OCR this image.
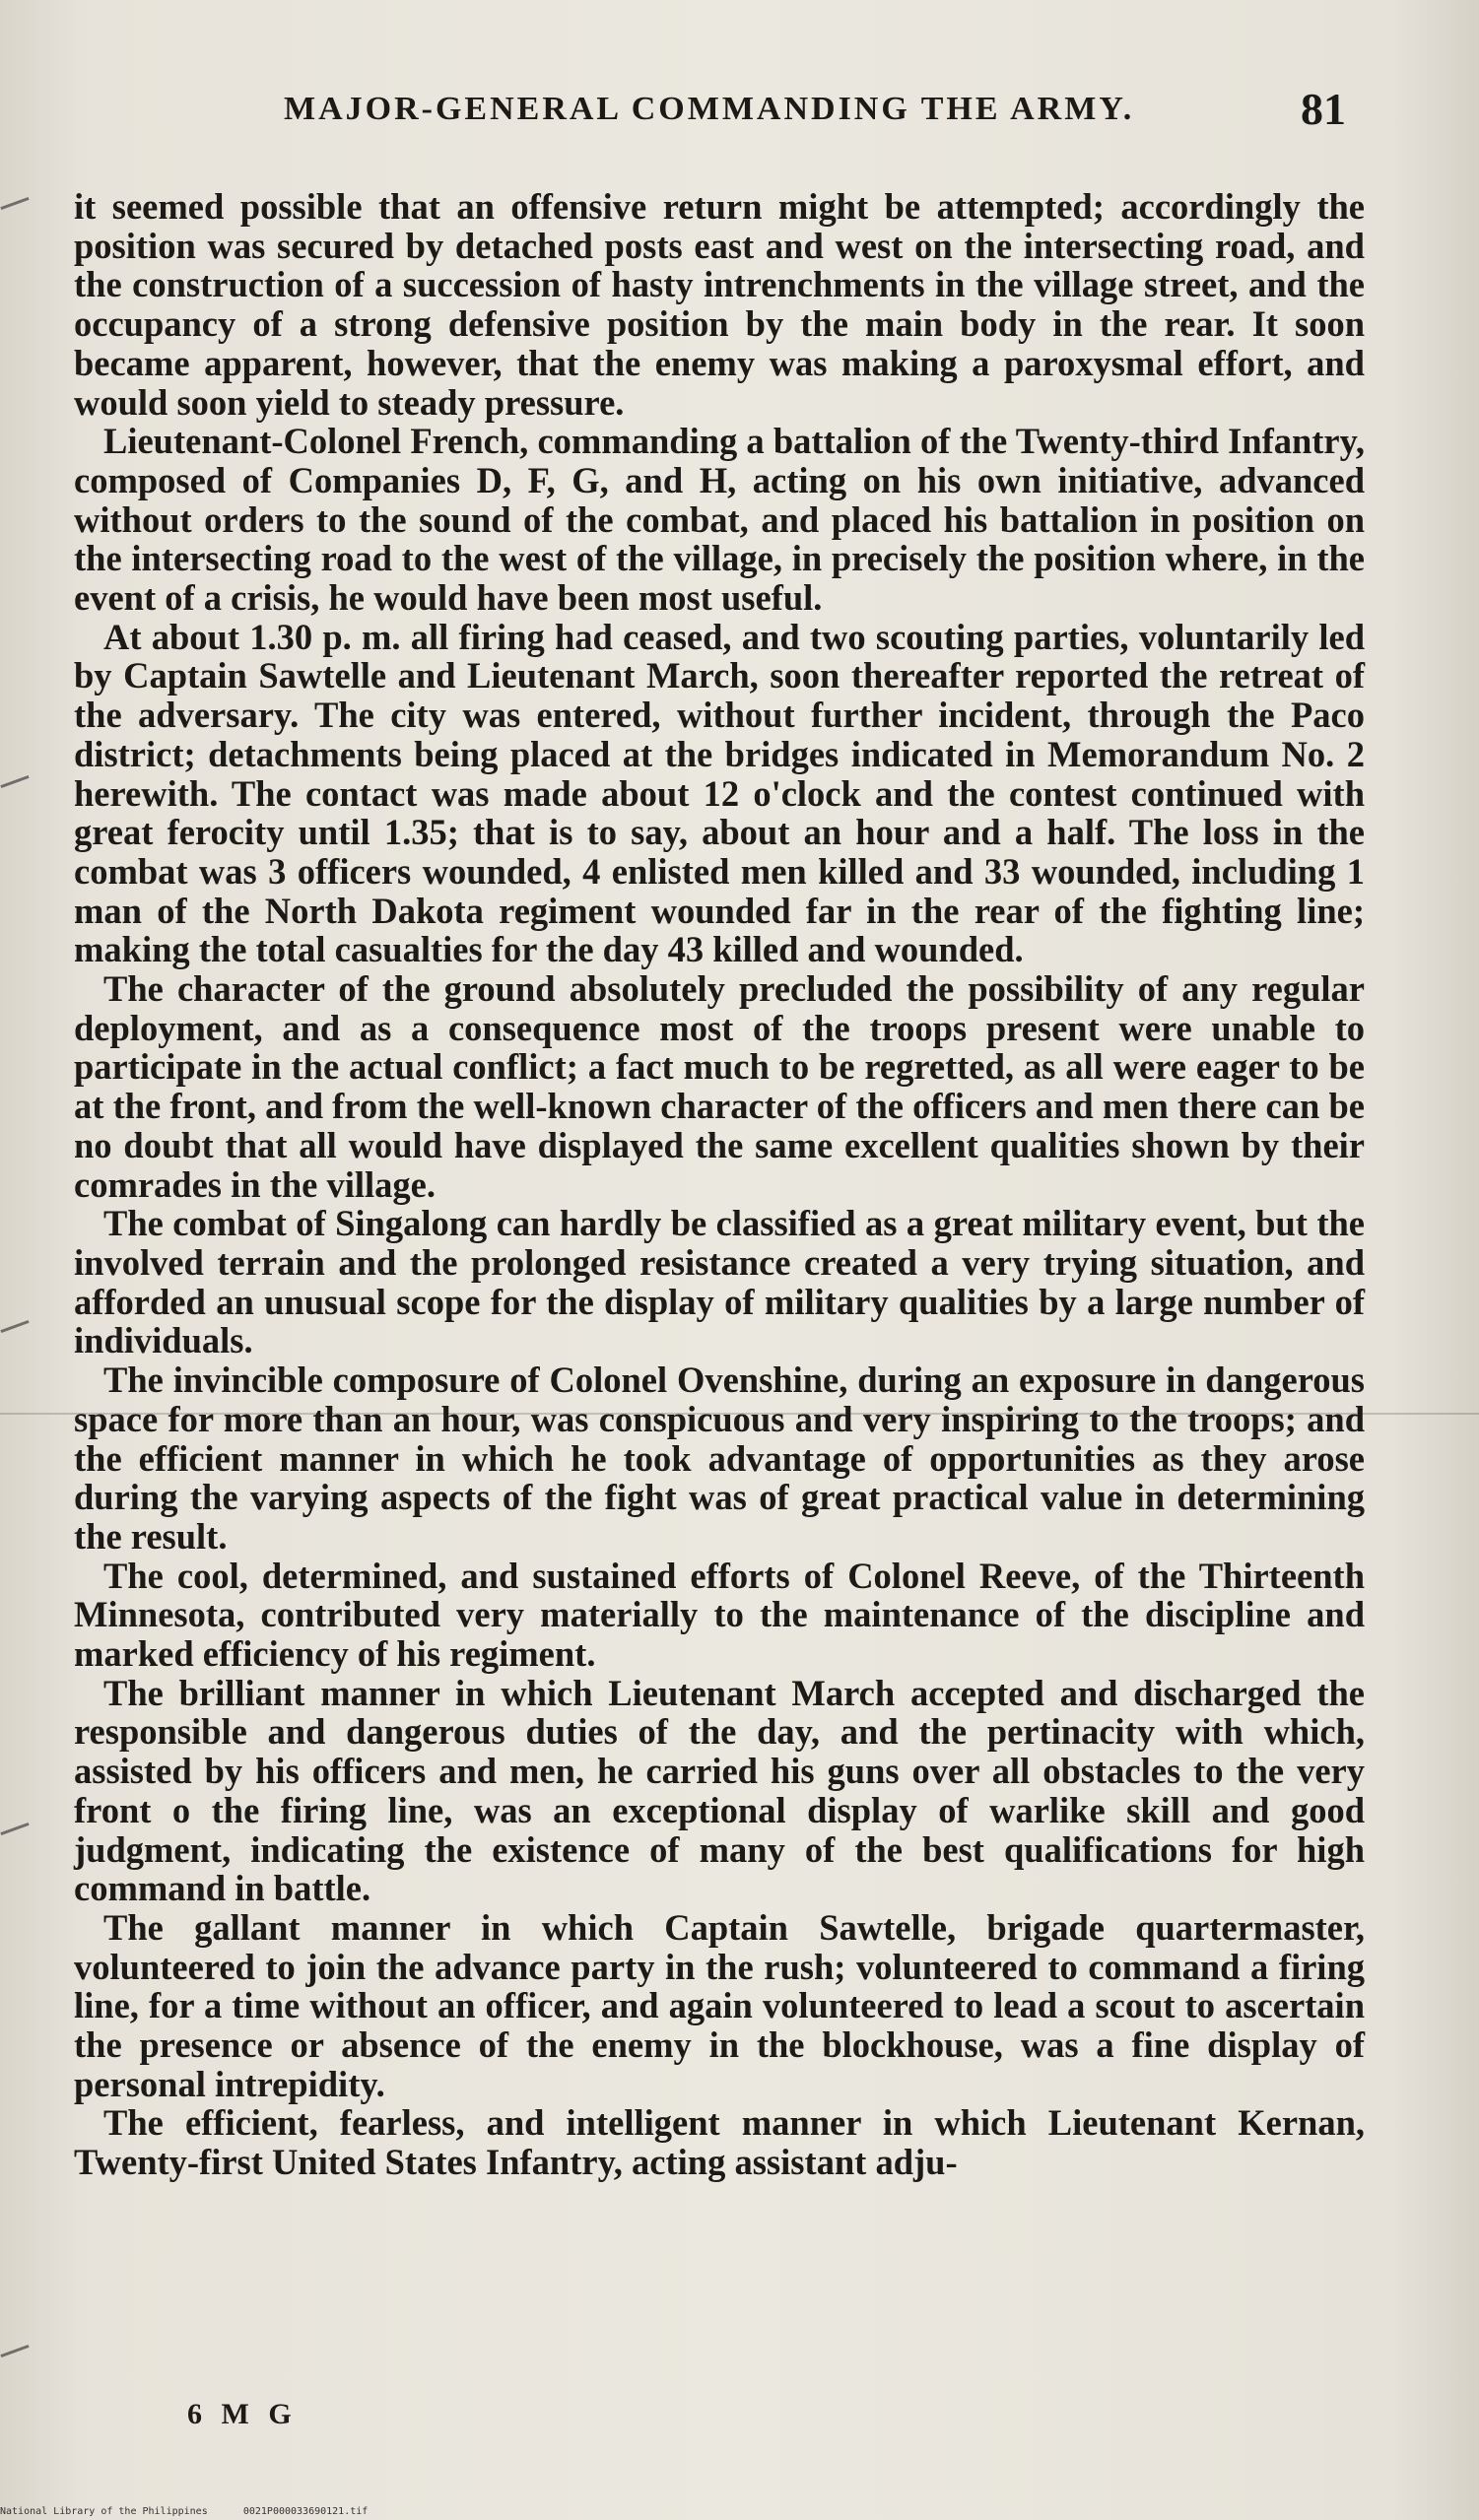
MAJOR-GENERAL COMMANDING THE ARMY.	81

it seemed possible that an offensive return might be attempted; accordingly the position was secured by detached posts east and west on the intersecting road, and the construction of a succession of hasty intrenchments in the village street, and the occupancy of a strong defensive position by the main body in the rear. It soon became apparent, however, that the enemy was making a paroxysmal effort, and would soon yield to steady pressure.

Lieutenant-Colonel French, commanding a battalion of the Twenty-third Infantry, composed of Companies D, F, G, and H, acting on his own initiative, advanced without orders to the sound of the combat, and placed his battalion in position on the intersecting road to the west of the village, in precisely the position where, in the event of a crisis, he would have been most useful.

At about 1.30 p. m. all firing had ceased, and two scouting parties, voluntarily led by Captain Sawtelle and Lieutenant March, soon thereafter reported the retreat of the adversary. The city was entered, without further incident, through the Paco district; detachments being placed at the bridges indicated in Memorandum No. 2 herewith. The contact was made about 12 o'clock and the contest continued with great ferocity until 1.35; that is to say, about an hour and a half. The loss in the combat was 3 officers wounded, 4 enlisted men killed and 33 wounded, including 1 man of the North Dakota regiment wounded far in the rear of the fighting line; making the total casualties for the day 43 killed and wounded.

The character of the ground absolutely precluded the possibility of any regular deployment, and as a consequence most of the troops present were unable to participate in the actual conflict; a fact much to be regretted, as all were eager to be at the front, and from the well-known character of the officers and men there can be no doubt that all would have displayed the same excellent qualities shown by their comrades in the village.

The combat of Singalong can hardly be classified as a great military event, but the involved terrain and the prolonged resistance created a very trying situation, and afforded an unusual scope for the display of military qualities by a large number of individuals.

The invincible composure of Colonel Ovenshine, during an exposure in dangerous space for more than an hour, was conspicuous and very inspiring to the troops; and the efficient manner in which he took advantage of opportunities as they arose during the varying aspects of the fight was of great practical value in determining the result.

The cool, determined, and sustained efforts of Colonel Reeve, of the Thirteenth Minnesota, contributed very materially to the maintenance of the discipline and marked efficiency of his regiment.

The brilliant manner in which Lieutenant March accepted and discharged the responsible and dangerous duties of the day, and the pertinacity with which, assisted by his officers and men, he carried his guns over all obstacles to the very front o the firing line, was an exceptional display of warlike skill and good judgment, indicating the existence of many of the best qualifications for high command in battle.

The gallant manner in which Captain Sawtelle, brigade quartermaster, volunteered to join the advance party in the rush; volunteered to command a firing line, for a time without an officer, and again volunteered to lead a scout to ascertain the presence or absence of the enemy in the blockhouse, was a fine display of personal intrepidity.

The efficient, fearless, and intelligent manner in which Lieutenant Kernan, Twenty-first United States Infantry, acting assistant adju-

6 M G
National Library of the Philippines	0021P000033690121.tif
